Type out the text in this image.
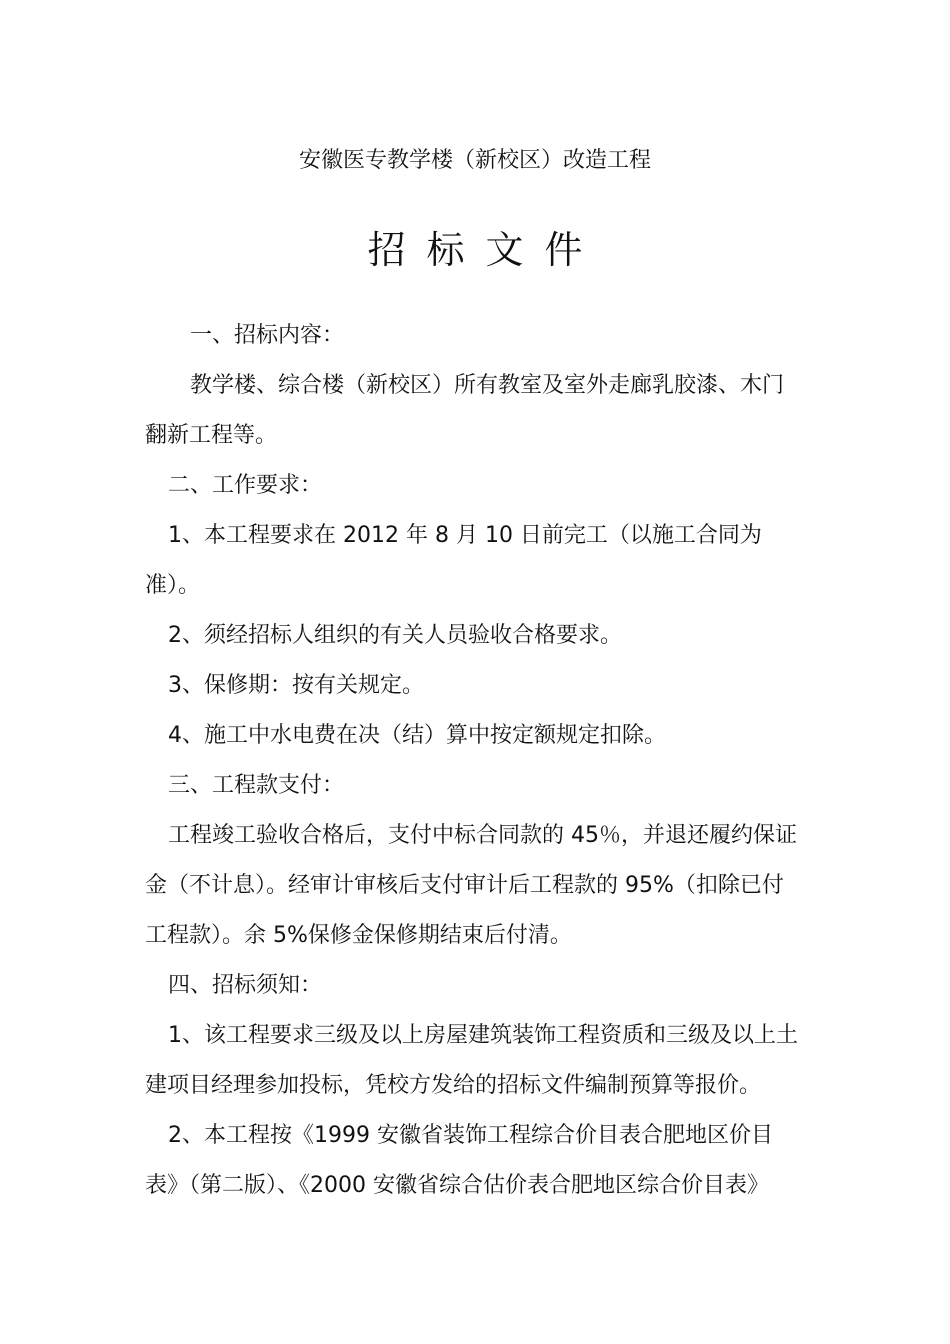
安徽医专教学楼（新校区）改造工程
招标文件
一、招标内容：
教学楼、综合楼（新校区）所有教室及室外走廊乳胶漆、木门
翻新工程等。
二、工作要求：
1、本工程要求在 2012 年 8 月 10 日前完工（以施工合同为
准）。
2、须经招标人组织的有关人员验收合格要求。
3、保修期：按有关规定。
4、施工中水电费在决（结）算中按定额规定扣除。
三、工程款支付：
工程竣工验收合格后，支付中标合同款的 45％，并退还履约保证
金（不计息）。经审计审核后支付审计后工程款的 95%（扣除已付
工程款）。余 5%保修金保修期结束后付清。
四、招标须知：
1、该工程要求三级及以上房屋建筑装饰工程资质和三级及以上土
建项目经理参加投标，凭校方发给的招标文件编制预算等报价。
2、本工程按《1999 安徽省装饰工程综合价目表合肥地区价目
表》（第二版）、《2000 安徽省综合估价表合肥地区综合价目表》
